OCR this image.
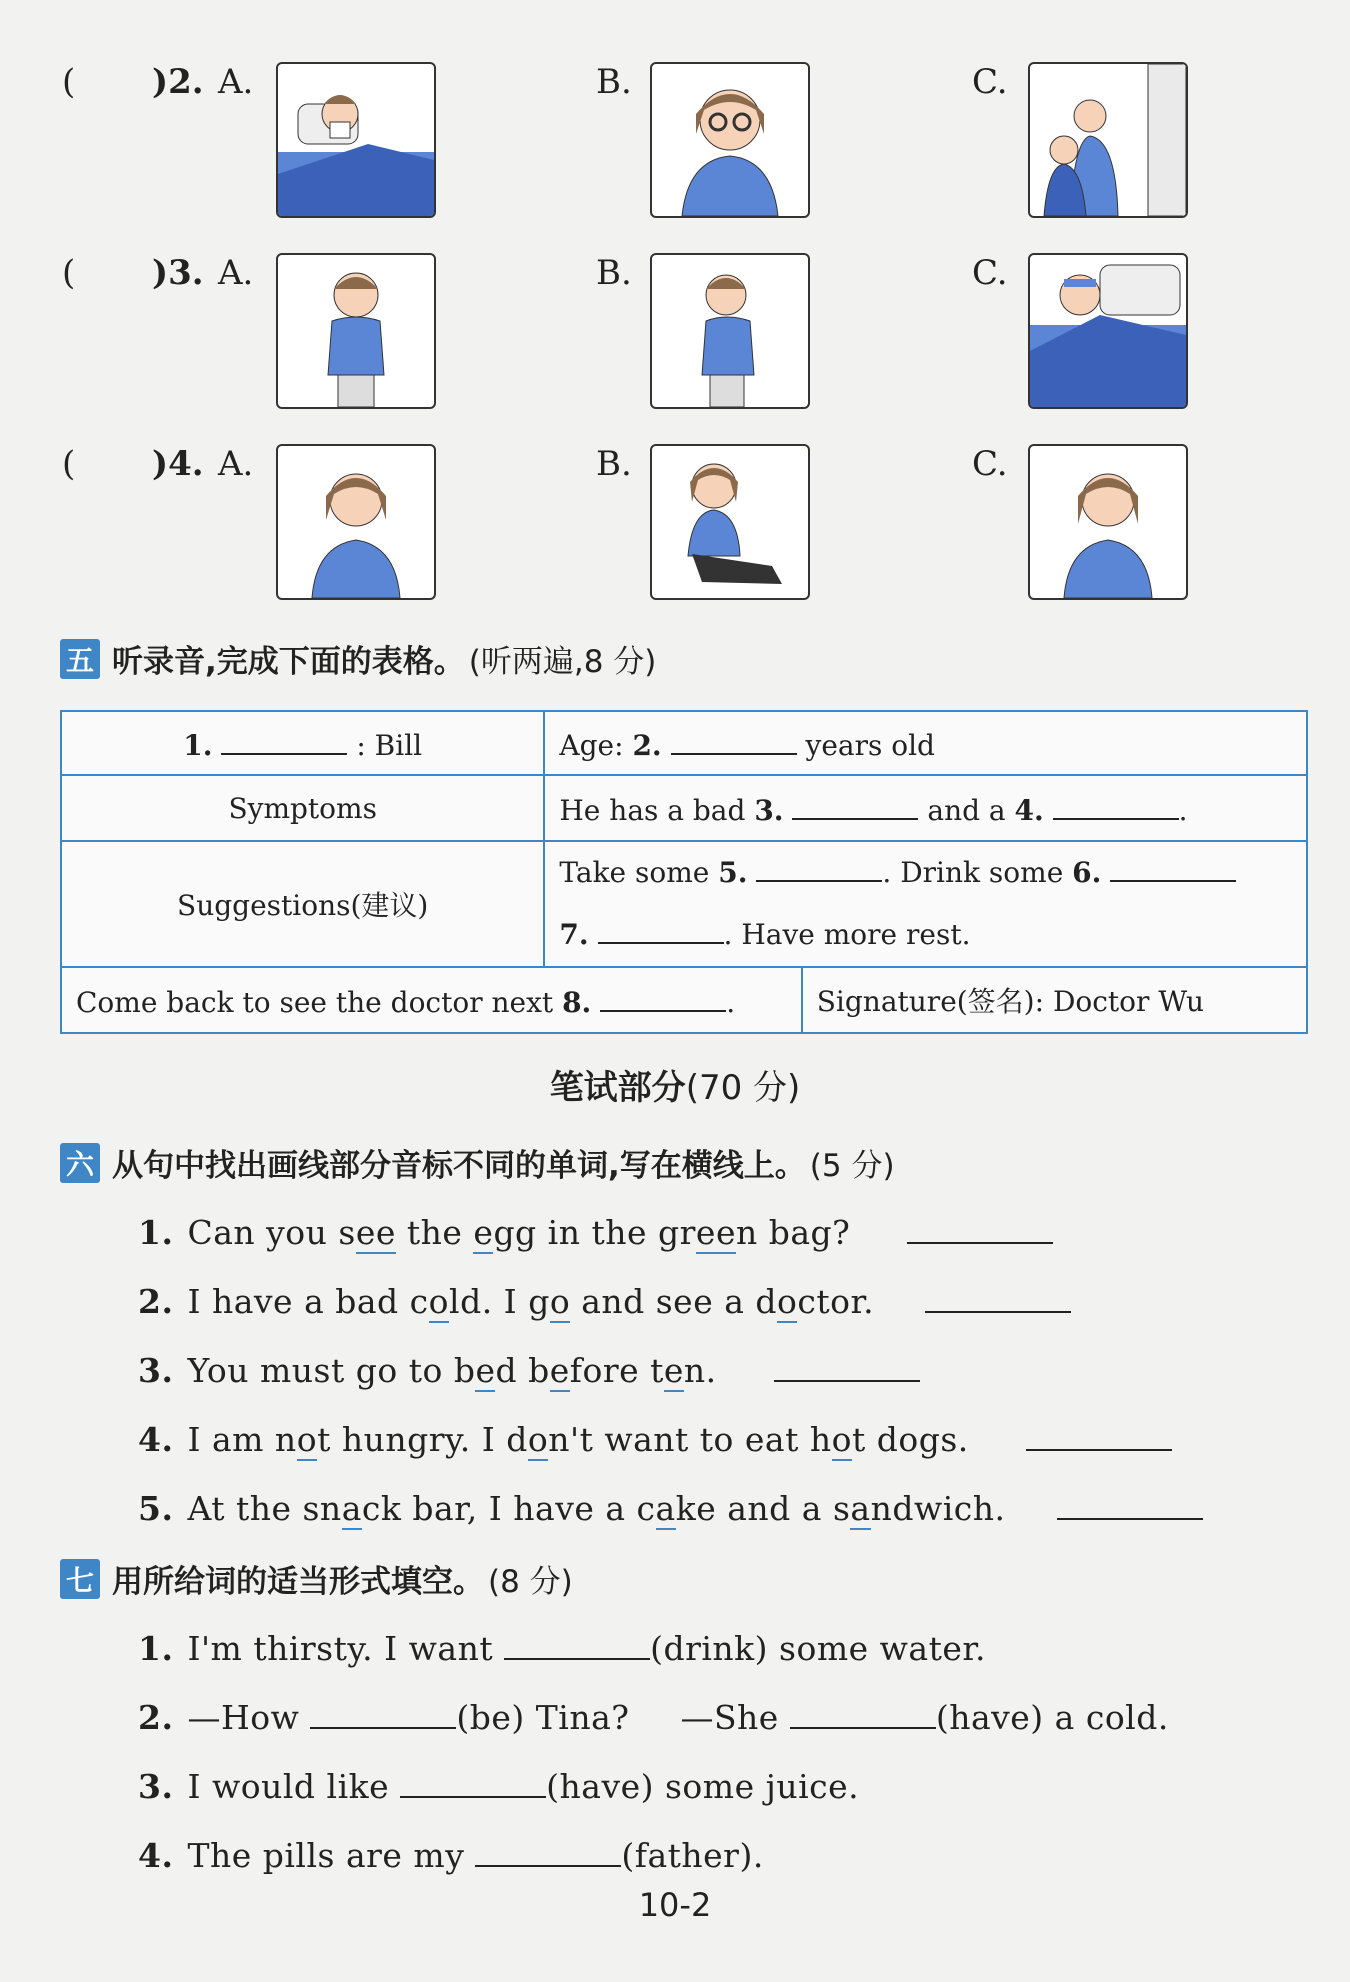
( )2. A.	B.	C.
( )3. A.	B.	C.
( )4. A.	B.	C.
五 听录音,完成下面的表格。 (听两遍,8 分)
1. : Bill	Age: 2. years old	
Symptoms	He has a bad 3. and a 4. .	
Suggestions(建议)	Take some 5. . Drink some 6.
7. . Have more rest.	

Come back to see the doctor next 8. .		Signature(签名): Doctor Wu
笔试部分(70 分)
六 从句中找出画线部分音标不同的单词,写在横线上。 (5 分)
1. Can you see the egg in the green bag?
2. I have a bad cold. I go and see a doctor.
3. You must go to bed before ten.
4. I am not hungry. I don't want to eat hot dogs.
5. At the snack bar, I have a cake and a sandwich.
七 用所给词的适当形式填空。 (8 分)
1. I'm thirsty. I want	(drink) some water.
2. —How	(be) Tina? —She	(have) a cold.
3. I would like	(have) some juice.
4. The pills are my	(father).
10-2
